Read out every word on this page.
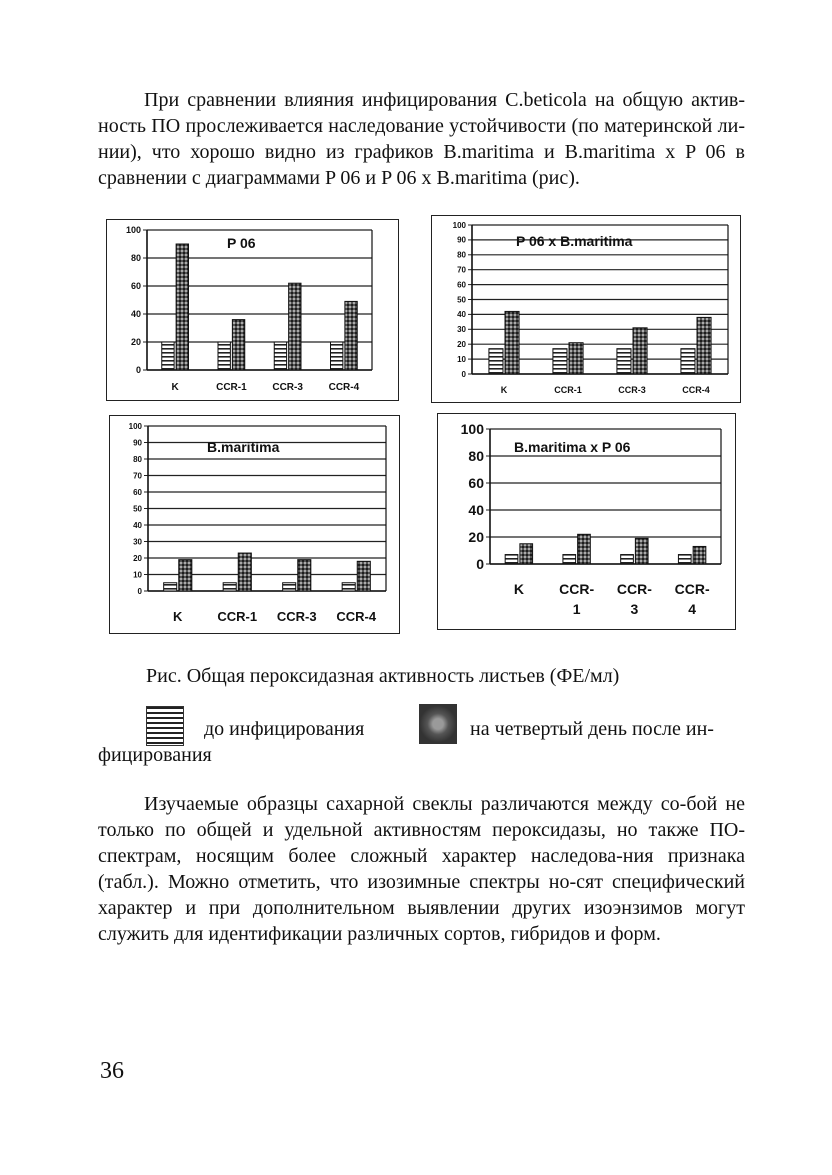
При сравнении влияния инфицирования C.beticola на общую актив-ность ПО прослеживается наследование устойчивости (по материнской ли-нии), что хорошо видно из графиков B.maritima и B.maritima x P 06 в сравнении с диаграммами P 06 и P 06 x B.maritima (рис).

0
20
40
60
80
100
K	CCR-1	CCR-3	CCR-4
P 06
0
10
20
30
40
50
60
70
80
90
100
K	CCR-1	CCR-3	CCR-4
P 06 x B.maritima
0
10
20
30
40
50
60
70
80
90
100
K	CCR-1 CCR-3 CCR-4
B.maritima
0
20
40
60
80
100
K	CCR-
1
CCR-
3
CCR-
4
B.maritima x P 06

Рис. Общая пероксидазная активность листьев (ФЕ/мл)

до инфицирования	на четвертый день после ин-
фицирования

Изучаемые образцы сахарной свеклы различаются между со-бой не только по общей и удельной активностям пероксидазы, но также ПО-спектрам, носящим более сложный характер наследова-ния признака (табл.). Можно отметить, что изозимные спектры но-сят специфический характер и при дополнительном выявлении других изоэнзимов могут служить для идентификации различных сортов, гибридов и форм.

36
